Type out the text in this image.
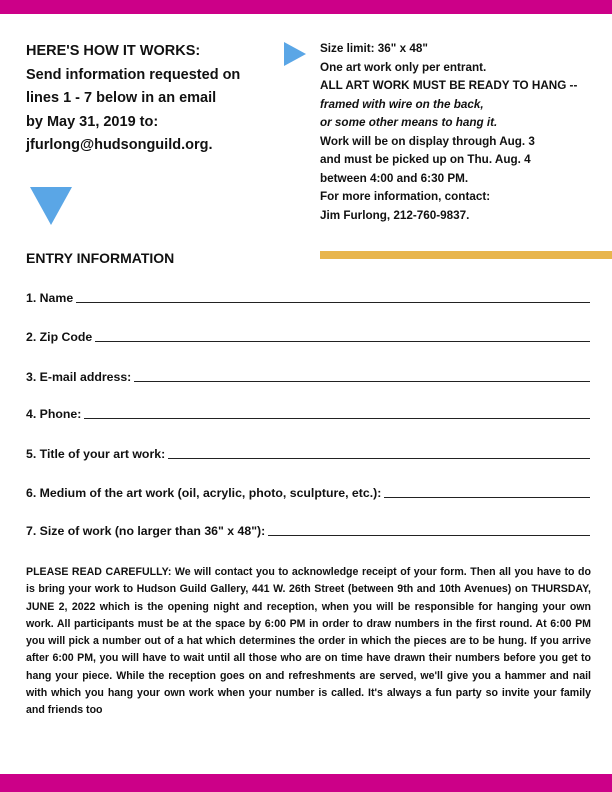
HERE'S HOW IT WORKS:
Send information requested on
lines 1 - 7 below in an email
by May 31, 2019 to:
jfurlong@hudsonguild.org.
Size limit: 36" x 48"
One art work only per entrant.
ALL ART WORK MUST BE READY TO HANG --
framed with wire on the back,
or some other means to hang it.
Work will be on display through Aug. 3
and must be picked up on Thu. Aug. 4
between 4:00 and 6:30 PM.
For more information, contact:
Jim Furlong, 212-760-9837.
ENTRY INFORMATION
1. Name
2. Zip Code
3. E-mail address:
4. Phone:
5. Title of your art work:
6. Medium of the art work (oil, acrylic, photo, sculpture, etc.):
7. Size of work (no larger than 36" x 48"):
PLEASE READ CAREFULLY: We will contact you to acknowledge receipt of your form. Then all you have to do is bring your work to Hudson Guild Gallery, 441 W. 26th Street (between 9th and 10th Avenues) on THURSDAY, JUNE 2, 2022 which is the opening night and reception, when you will be responsible for hanging your own work. All participants must be at the space by 6:00 PM in order to draw numbers in the first round. At 6:00 PM you will pick a number out of a hat which determines the order in which the pieces are to be hung. If you arrive after 6:00 PM, you will have to wait until all those who are on time have drawn their numbers before you get to hang your piece. While the reception goes on and refreshments are served, we'll give you a hammer and nail with which you hang your own work when your number is called. It's always a fun party so invite your family and friends too
